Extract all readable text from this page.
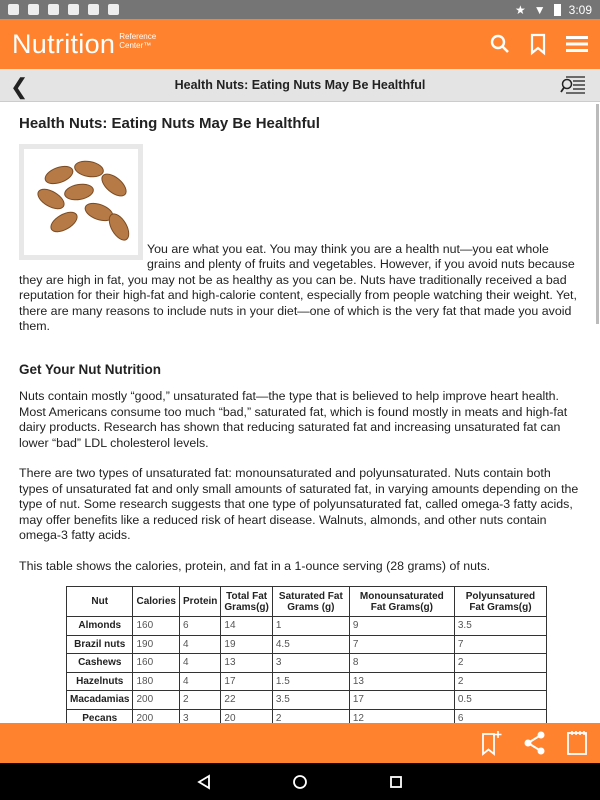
★ ▼ 3:09
Nutrition Reference
Center™
❮	Health Nuts: Eating Nuts May Be Healthful
Health Nuts: Eating Nuts May Be Healthful

You are what you eat. You may think you are a health nut—you eat whole grains and plenty of fruits and vegetables. However, if you avoid nuts because they are high in fat, you may not be as healthy as you can be. Nuts have traditionally received a bad reputation for their high-fat and high-calorie content, especially from people watching their weight. Yet, there are many reasons to include nuts in your diet—one of which is the very fat that made you avoid them.

Get Your Nut Nutrition

Nuts contain mostly “good,” unsaturated fat—the type that is believed to help improve heart health. Most Americans consume too much “bad,” saturated fat, which is found mostly in meats and high-fat dairy products. Research has shown that reducing saturated fat and increasing unsaturated fat can lower “bad” LDL cholesterol levels.

There are two types of unsaturated fat: monounsaturated and polyunsaturated. Nuts contain both types of unsaturated fat and only small amounts of saturated fat, in varying amounts depending on the type of nut. Some research suggests that one type of polyunsaturated fat, called omega-3 fatty acids, may offer benefits like a reduced risk of heart disease. Walnuts, almonds, and other nuts contain omega-3 fatty acids.

This table shows the calories, protein, and fat in a 1-ounce serving (28 grams) of nuts.

Nut	Calories	Protein	Total Fat Grams(g)	Saturated Fat Grams (g)	Monounsaturated Fat Grams(g)	Polyunsatured Fat Grams(g)
Almonds	160	6	14	1	9	3.5
Brazil nuts	190	4	19	4.5	7	7
Cashews	160	4	13	3	8	2
Hazelnuts	180	4	17	1.5	13	2
Macadamias	200	2	22	3.5	17	0.5
Pecans	200	3	20	2	12	6
